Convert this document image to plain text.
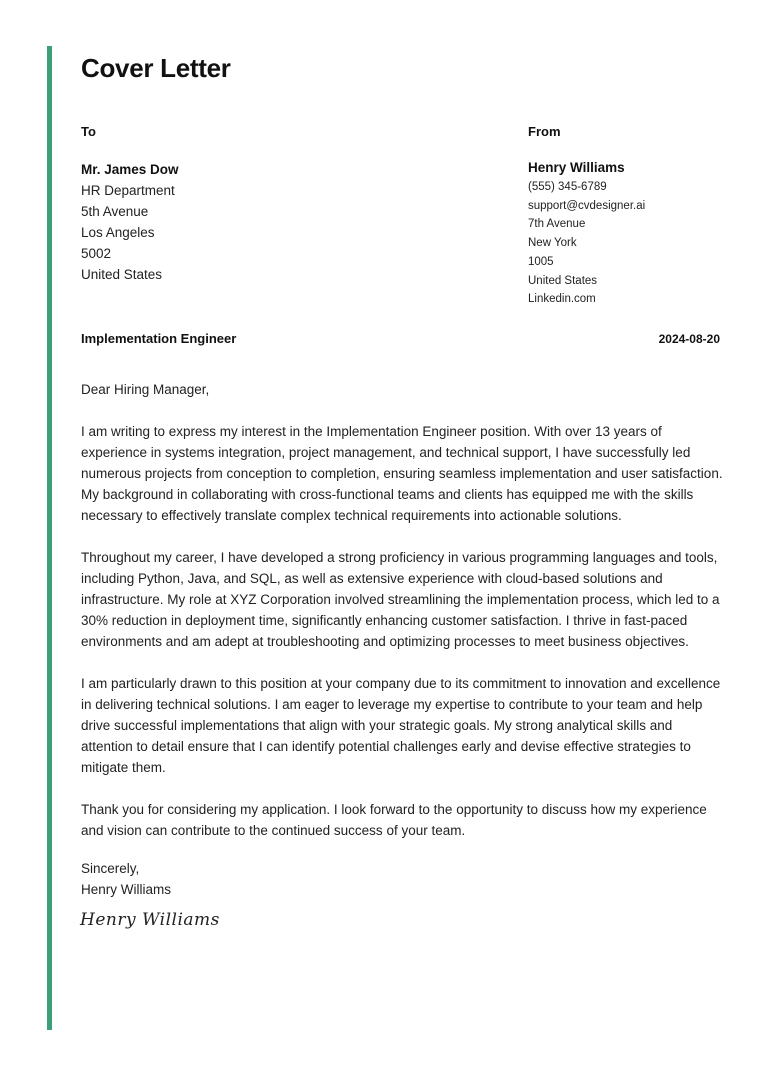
Cover Letter
To	From
Mr. James Dow
HR Department
5th Avenue
Los Angeles
5002
United States
Henry Williams
(555) 345-6789
support@cvdesigner.ai
7th Avenue
New York
1005
United States
Linkedin.com
Implementation Engineer	2024-08-20

Dear Hiring Manager,

I am writing to express my interest in the Implementation Engineer position. With over 13 years of experience in systems integration, project management, and technical support, I have successfully led numerous projects from conception to completion, ensuring seamless implementation and user satisfaction. My background in collaborating with cross-functional teams and clients has equipped me with the skills necessary to effectively translate complex technical requirements into actionable solutions.

Throughout my career, I have developed a strong proficiency in various programming languages and tools, including Python, Java, and SQL, as well as extensive experience with cloud-based solutions and infrastructure. My role at XYZ Corporation involved streamlining the implementation process, which led to a 30% reduction in deployment time, significantly enhancing customer satisfaction. I thrive in fast-paced environments and am adept at troubleshooting and optimizing processes to meet business objectives.

I am particularly drawn to this position at your company due to its commitment to innovation and excellence in delivering technical solutions. I am eager to leverage my expertise to contribute to your team and help drive successful implementations that align with your strategic goals. My strong analytical skills and attention to detail ensure that I can identify potential challenges early and devise effective strategies to mitigate them.

Thank you for considering my application. I look forward to the opportunity to discuss how my experience and vision can contribute to the continued success of your team.

Sincerely,
Henry Williams
Henry Williams
